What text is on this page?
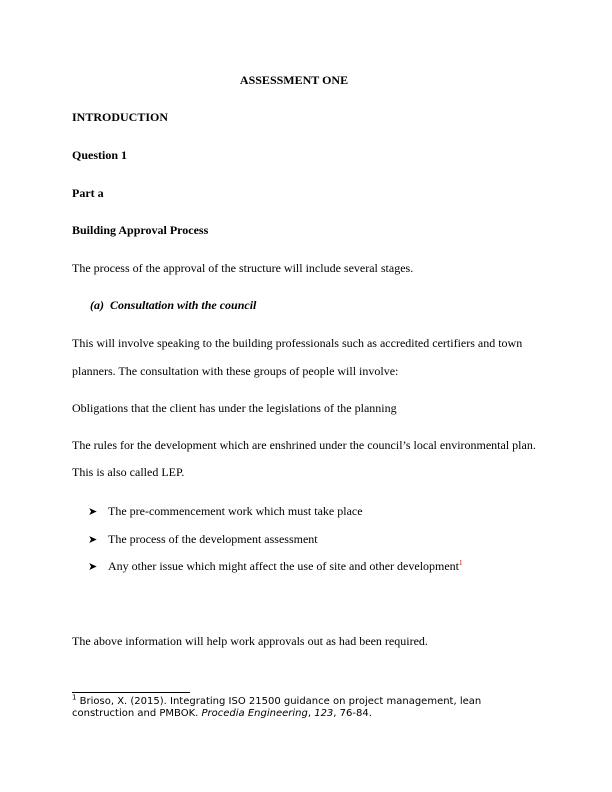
ASSESSMENT ONE
INTRODUCTION
Question 1
Part a
Building Approval Process
The process of the approval of the structure will include several stages.
(a) Consultation with the council
This will involve speaking to the building professionals such as accredited certifiers and town
planners. The consultation with these groups of people will involve:
Obligations that the client has under the legislations of the planning
The rules for the development which are enshrined under the council’s local environmental plan.
This is also called LEP.
➤ The pre-commencement work which must take place
➤ The process of the development assessment
➤ Any other issue which might affect the use of site and other development$^1$
The above information will help work approvals out as had been required.
$^1$ Brioso, X. (2015). Integrating ISO 21500 guidance on project management, lean
construction and PMBOK. Procedia Engineering, 123, 76-84.
